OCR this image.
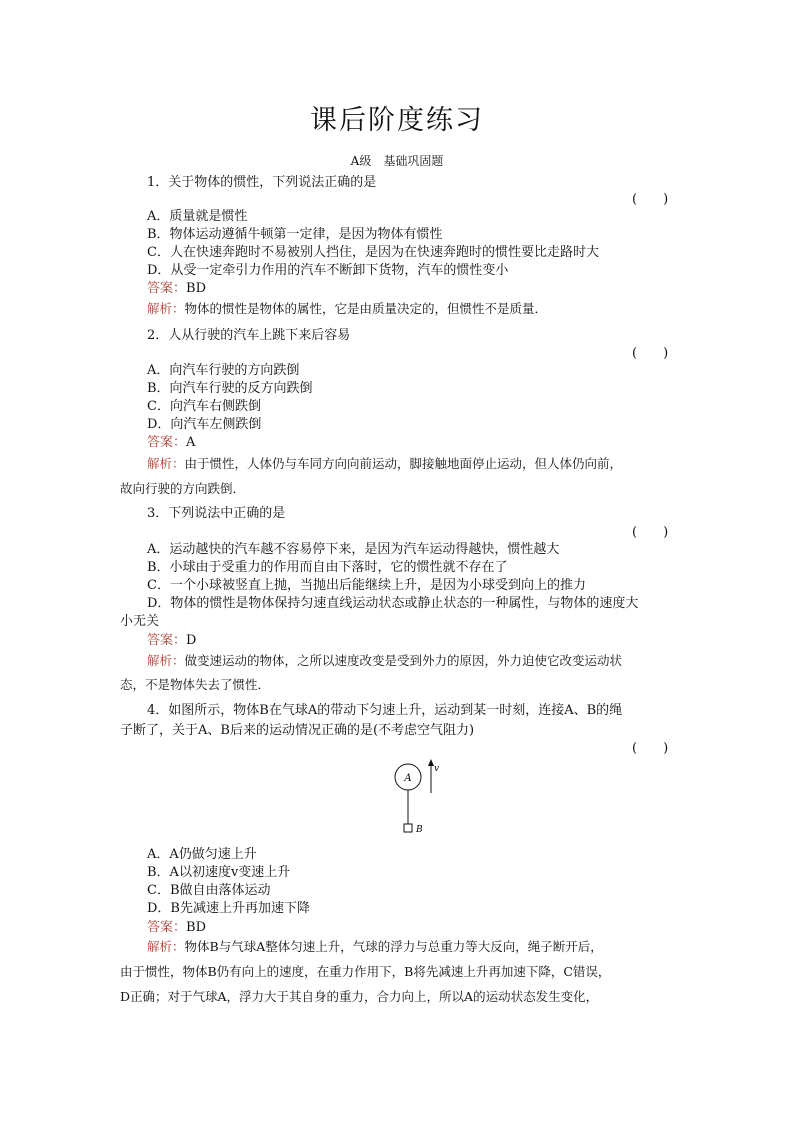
课后阶度练习
A级　基础巩固题
1．关于物体的惯性，下列说法正确的是
(　　)
A．质量就是惯性
B．物体运动遵循牛顿第一定律，是因为物体有惯性
C．人在快速奔跑时不易被别人挡住，是因为在快速奔跑时的惯性要比走路时大
D．从受一定牵引力作用的汽车不断卸下货物，汽车的惯性变小
答案：BD
解析：物体的惯性是物体的属性，它是由质量决定的，但惯性不是质量．
2．人从行驶的汽车上跳下来后容易
(　　)
A．向汽车行驶的方向跌倒
B．向汽车行驶的反方向跌倒
C．向汽车右侧跌倒
D．向汽车左侧跌倒
答案：A
解析：由于惯性，人体仍与车同方向向前运动，脚接触地面停止运动，但人体仍向前，
故向行驶的方向跌倒．
3．下列说法中正确的是
(　　)
A．运动越快的汽车越不容易停下来，是因为汽车运动得越快，惯性越大
B．小球由于受重力的作用而自由下落时，它的惯性就不存在了
C．一个小球被竖直上抛，当抛出后能继续上升，是因为小球受到向上的推力
D．物体的惯性是物体保持匀速直线运动状态或静止状态的一种属性，与物体的速度大
小无关
答案：D
解析：做变速运动的物体，之所以速度改变是受到外力的原因，外力迫使它改变运动状
态，不是物体失去了惯性．
4．如图所示，物体B在气球A的带动下匀速上升，运动到某一时刻，连接A、B的绳
子断了，关于A、B后来的运动情况正确的是(不考虑空气阻力)
(　　)
A
B
v
A．A仍做匀速上升
B．A以初速度v变速上升
C．B做自由落体运动
D．B先减速上升再加速下降
答案：BD
解析：物体B与气球A整体匀速上升，气球的浮力与总重力等大反向，绳子断开后，
由于惯性，物体B仍有向上的速度，在重力作用下，B将先减速上升再加速下降，C错误，
D正确；对于气球A，浮力大于其自身的重力，合力向上，所以A的运动状态发生变化，
